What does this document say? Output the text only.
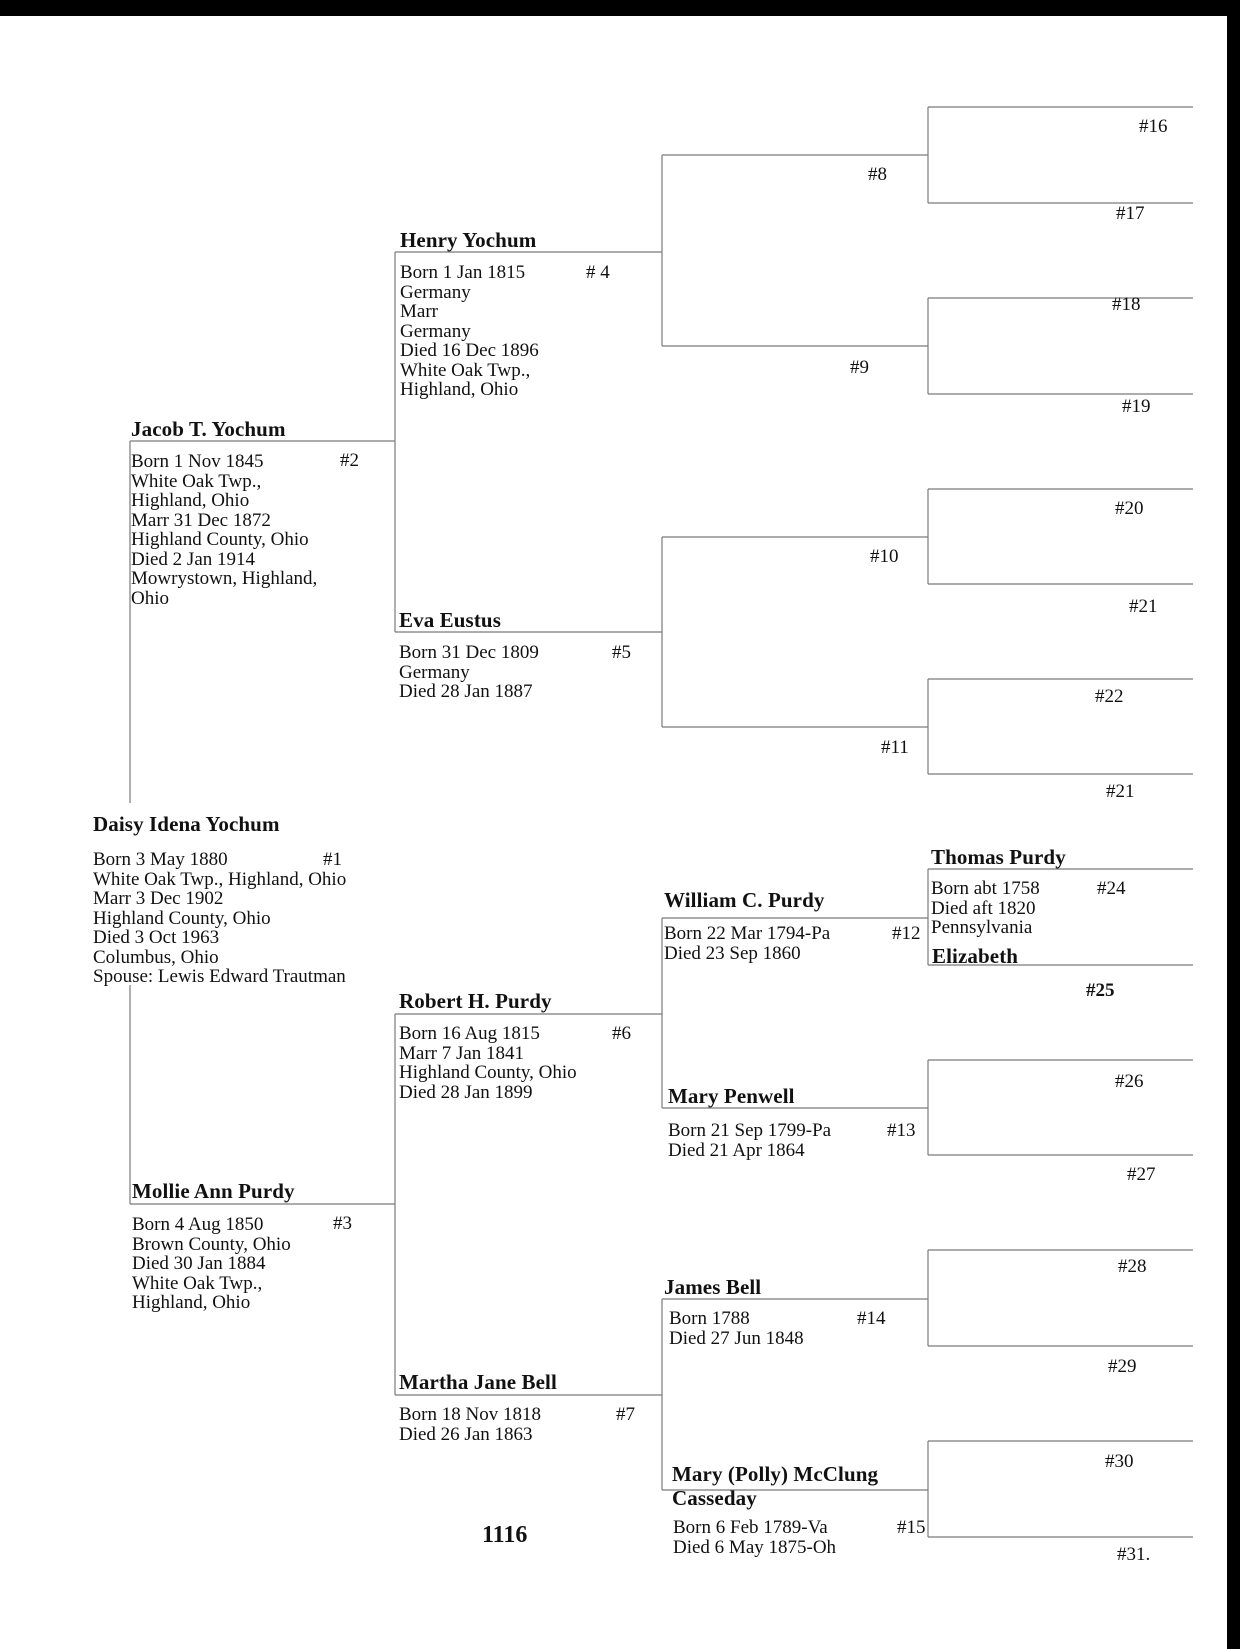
Daisy Idena Yochum
#1
Born 3 May 1880
White Oak Twp., Highland, Ohio
Marr 3 Dec 1902
Highland County, Ohio
Died 3 Oct 1963
Columbus, Ohio
Spouse: Lewis Edward Trautman
Jacob T. Yochum
#2
Born 1 Nov 1845
White Oak Twp.,
Highland, Ohio
Marr 31 Dec 1872
Highland County, Ohio
Died 2 Jan 1914
Mowrystown, Highland,
Ohio
Mollie Ann Purdy
#3
Born 4 Aug 1850
Brown County, Ohio
Died 30 Jan 1884
White Oak Twp.,
Highland, Ohio
Henry Yochum
# 4
Born 1 Jan 1815
Germany
Marr
Germany
Died 16 Dec 1896
White Oak Twp.,
Highland, Ohio
Eva Eustus
#5
Born 31 Dec 1809
Germany
Died 28 Jan 1887
Robert H. Purdy
#6
Born 16 Aug 1815
Marr 7 Jan 1841
Highland County, Ohio
Died 28 Jan 1899
Martha Jane Bell
#7
Born 18 Nov 1818
Died 26 Jan 1863
#8
#9
#10
#11
William C. Purdy
#12
Born 22 Mar 1794-Pa
Died 23 Sep 1860
Mary Penwell
#13
Born 21 Sep 1799-Pa
Died 21 Apr 1864
James Bell
#14
Born 1788
Died 27 Jun 1848
Mary (Polly) McClung
Casseday
#15
Born 6 Feb 1789-Va
Died 6 May 1875-Oh
Thomas Purdy
#24
Born abt 1758
Died aft 1820
Pennsylvania
Elizabeth
#25
#16
#17
#18
#19
#20
#21
#22
#21
#26
#27
#28
#29
#30
#31.
1116
